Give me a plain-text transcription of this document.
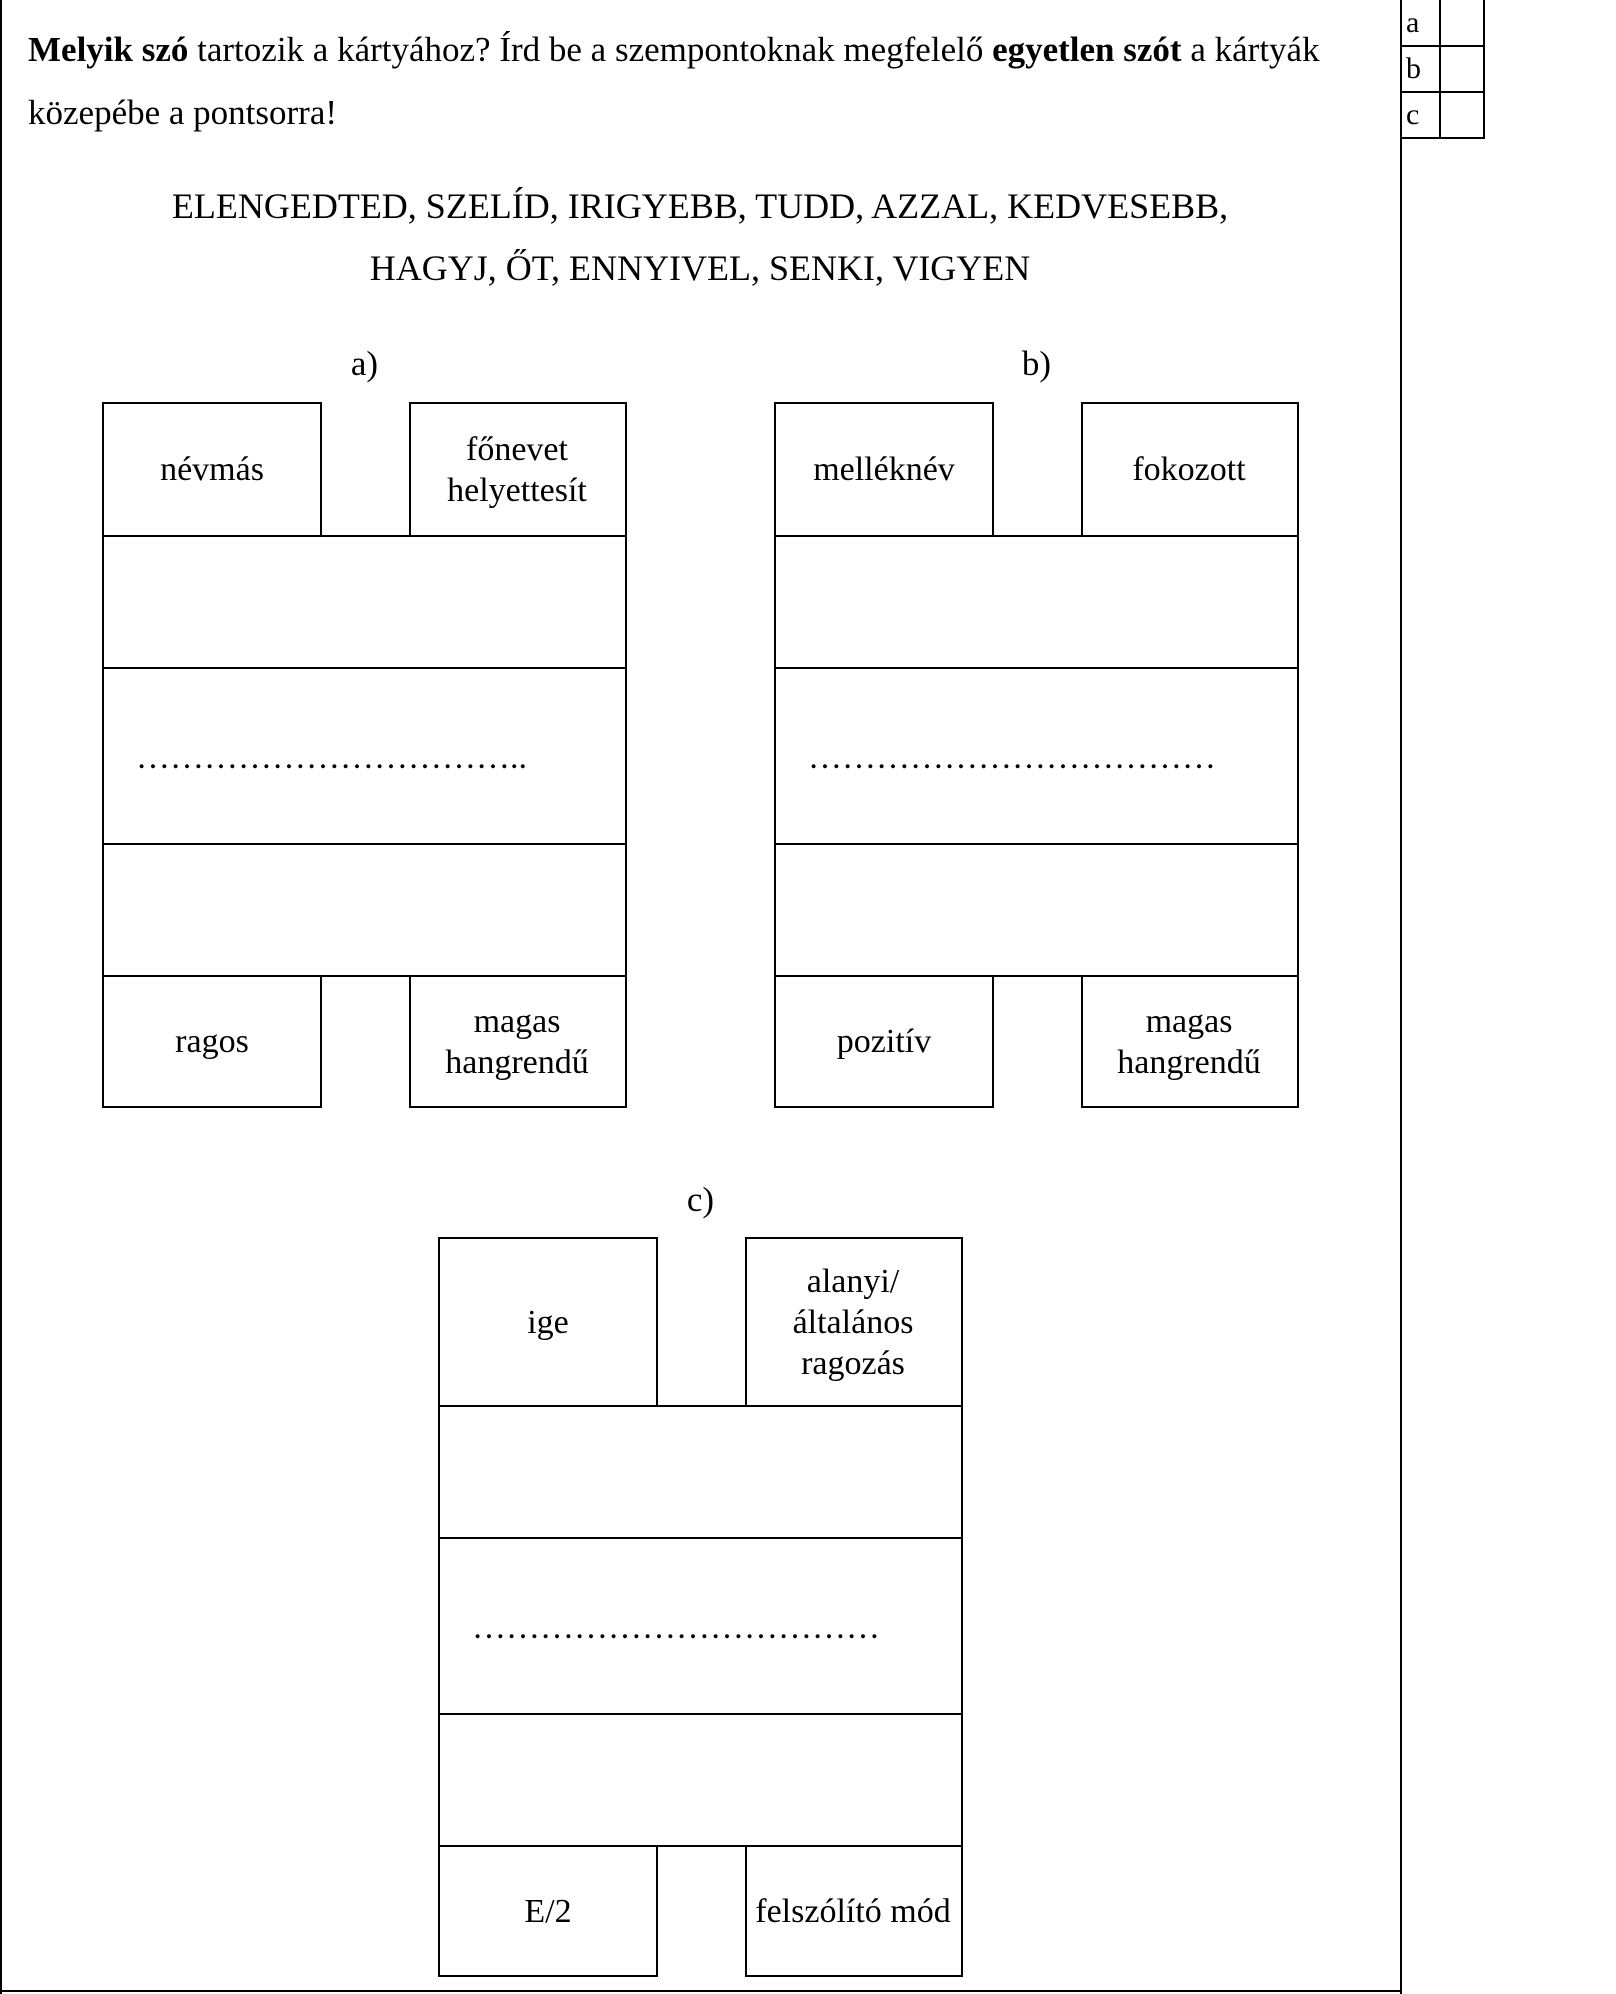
Melyik szó tartozik a kártyához? Írd be a szempontoknak megfelelő egyetlen szót a kártyák közepébe a pontsorra!
a	
b	
c	
ELENGEDTED, SZELÍD, IRIGYEBB, TUDD, AZZAL, KEDVESEBB,
HAGYJ, ŐT, ENNYIVEL, SENKI, VIGYEN
a)
névmás
főnevet helyettesít
ragos
magas hangrendű
……………………………..
b)
melléknév	fokozott
pozitív
magas hangrendű
………………………………
c)
ige
alanyi/ általános ragozás
E/2	felszólító mód
………………………………
